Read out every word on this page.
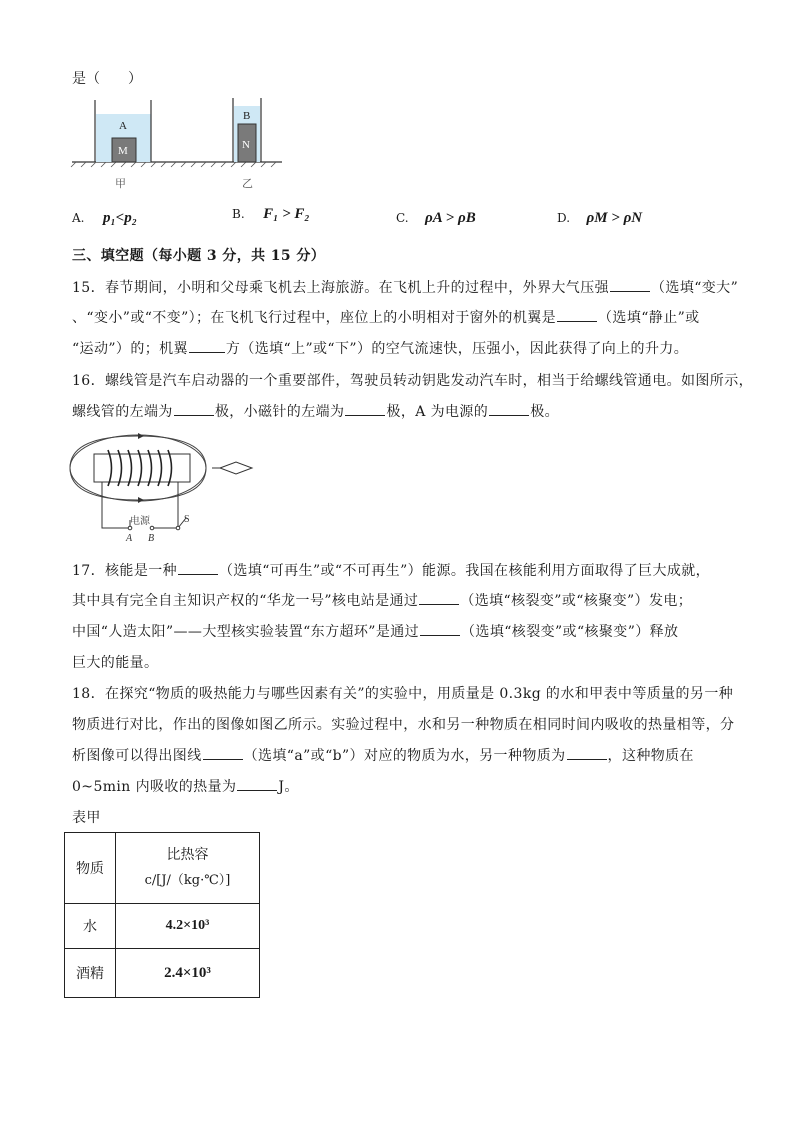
是（　　）
A
M
甲
B
N
乙
A. p₁<p₂	B. F₁ > F₂	C. ρA > ρB	D. ρM > ρN
三、填空题（每小题 3 分，共 15 分）
15．春节期间，小明和父母乘飞机去上海旅游。在飞机上升的过程中，外界大气压强	（选填“变大”
、“变小”或“不变”）；在飞机飞行过程中，座位上的小明相对于窗外的机翼是	（选填“静止”或
“运动”）的；机翼	方（选填“上”或“下”）的空气流速快，压强小，因此获得了向上的升力。
16．螺线管是汽车启动器的一个重要部件，驾驶员转动钥匙发动汽车时，相当于给螺线管通电。如图所示，
螺线管的左端为	极，小磁针的左端为	极，A 为电源的	极。
电源
A B
S
17．核能是一种	（选填“可再生”或“不可再生”）能源。我国在核能利用方面取得了巨大成就，
其中具有完全自主知识产权的“华龙一号”核电站是通过	（选填“核裂变”或“核聚变”）发电；
中国“人造太阳”——大型核实验装置“东方超环”是通过	（选填“核裂变”或“核聚变”）释放
巨大的能量。
18．在探究“物质的吸热能力与哪些因素有关”的实验中，用质量是 0.3kg 的水和甲表中等质量的另一种
物质进行对比，作出的图像如图乙所示。实验过程中，水和另一种物质在相同时间内吸收的热量相等，分
析图像可以得出图线	（选填“a”或“b”）对应的物质为水，另一种物质为	，这种物质在
0~5min 内吸收的热量为	J。
表甲
物质	比热容
c/[J/（kg·℃）]

水	4.2×10³
酒精	2.4×10³
